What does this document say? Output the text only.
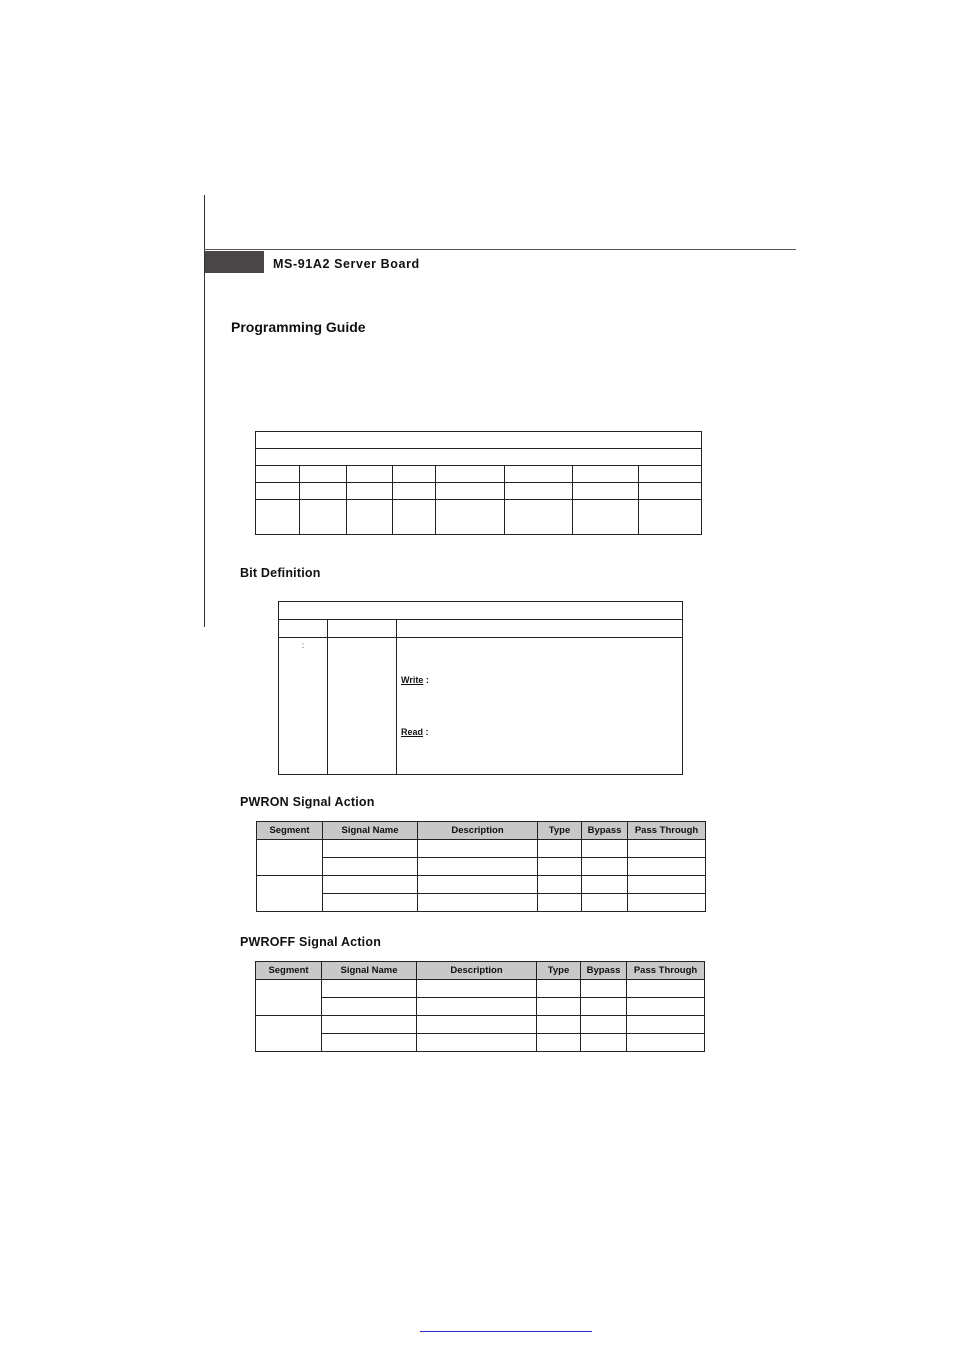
MS-91A2 Server Board
Programming Guide

Bit Definition

:		Write :
Read :
PWRON Signal Action
Segment	Signal Name	Description	Type	Bypass	Pass Through

PWROFF Signal Action
Segment	Signal Name	Description	Type	Bypass	Pass Through
